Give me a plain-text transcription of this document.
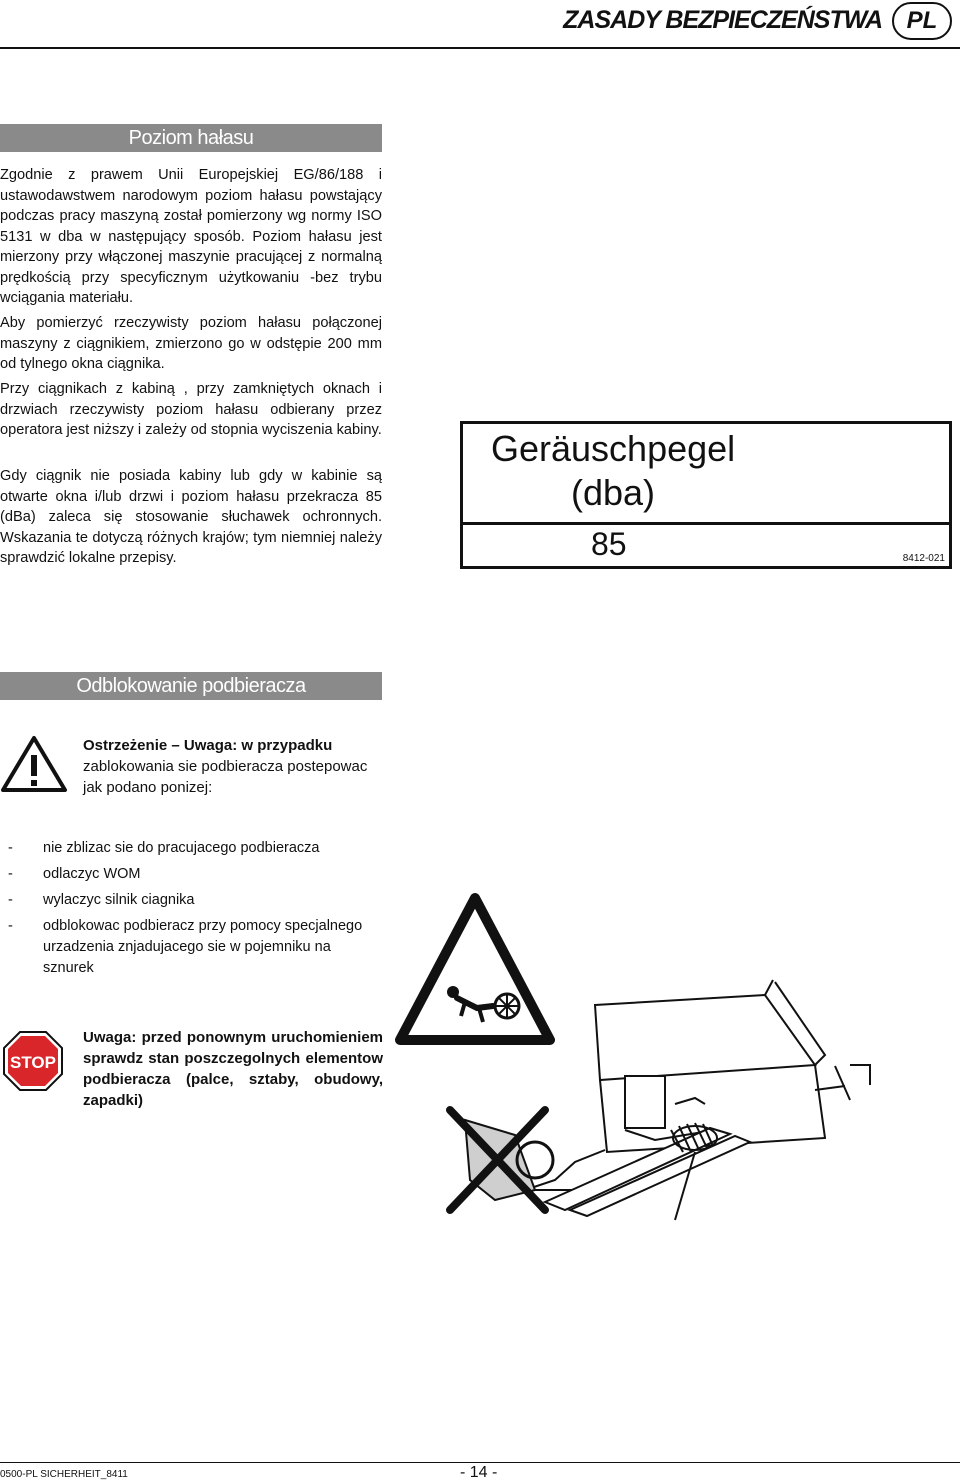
ZASADY BEZPIECZEŃSTWA	PL
Poziom hałasu

Zgodnie z prawem Unii Europejskiej EG/86/188 i ustawodawstwem narodowym poziom hałasu powstający podczas pracy maszyną został pomierzony wg normy ISO 5131 w dba w następujący sposób. Poziom hałasu jest mierzony przy włączonej maszynie pracującej z normalną prędkością przy specyficznym użytkowaniu -bez trybu wciągania materiału.

Aby pomierzyć rzeczywisty poziom hałasu połączonej maszyny z ciągnikiem, zmierzono go w odstępie 200 mm od tylnego okna ciągnika.

Przy ciągnikach z kabiną , przy zamkniętych oknach i drzwiach rzeczywisty poziom hałasu odbierany przez operatora jest niższy i zależy od stopnia wyciszenia kabiny.

Gdy ciągnik nie posiada kabiny lub gdy w kabinie są otwarte okna i/lub drzwi i poziom hałasu przekracza 85 (dBa) zaleca się stosowanie słuchawek ochronnych. Wskazania te dotyczą różnych krajów; tym niemniej należy sprawdzić lokalne przepisy.

Geräuschpegel
(dba)
85	8412-021
Odblokowanie podbieracza

Ostrzeżenie – Uwaga: w przypadku zablokowania sie podbieracza postepowac jak podano ponizej:

- nie zblizac sie do pracujacego podbieracza
- odlaczyc WOM
- wylaczyc silnik ciagnika
- odblokowac podbieracz przy pomocy specjalnego urzadzenia znjadujacego sie w pojemniku na sznurek
STOP

Uwaga: przed ponownym uruchomieniem sprawdz stan poszczegolnych elementow podbieracza (palce, sztaby, obudowy, zapadki)

0500-PL SICHERHEIT_8411	- 14 -
